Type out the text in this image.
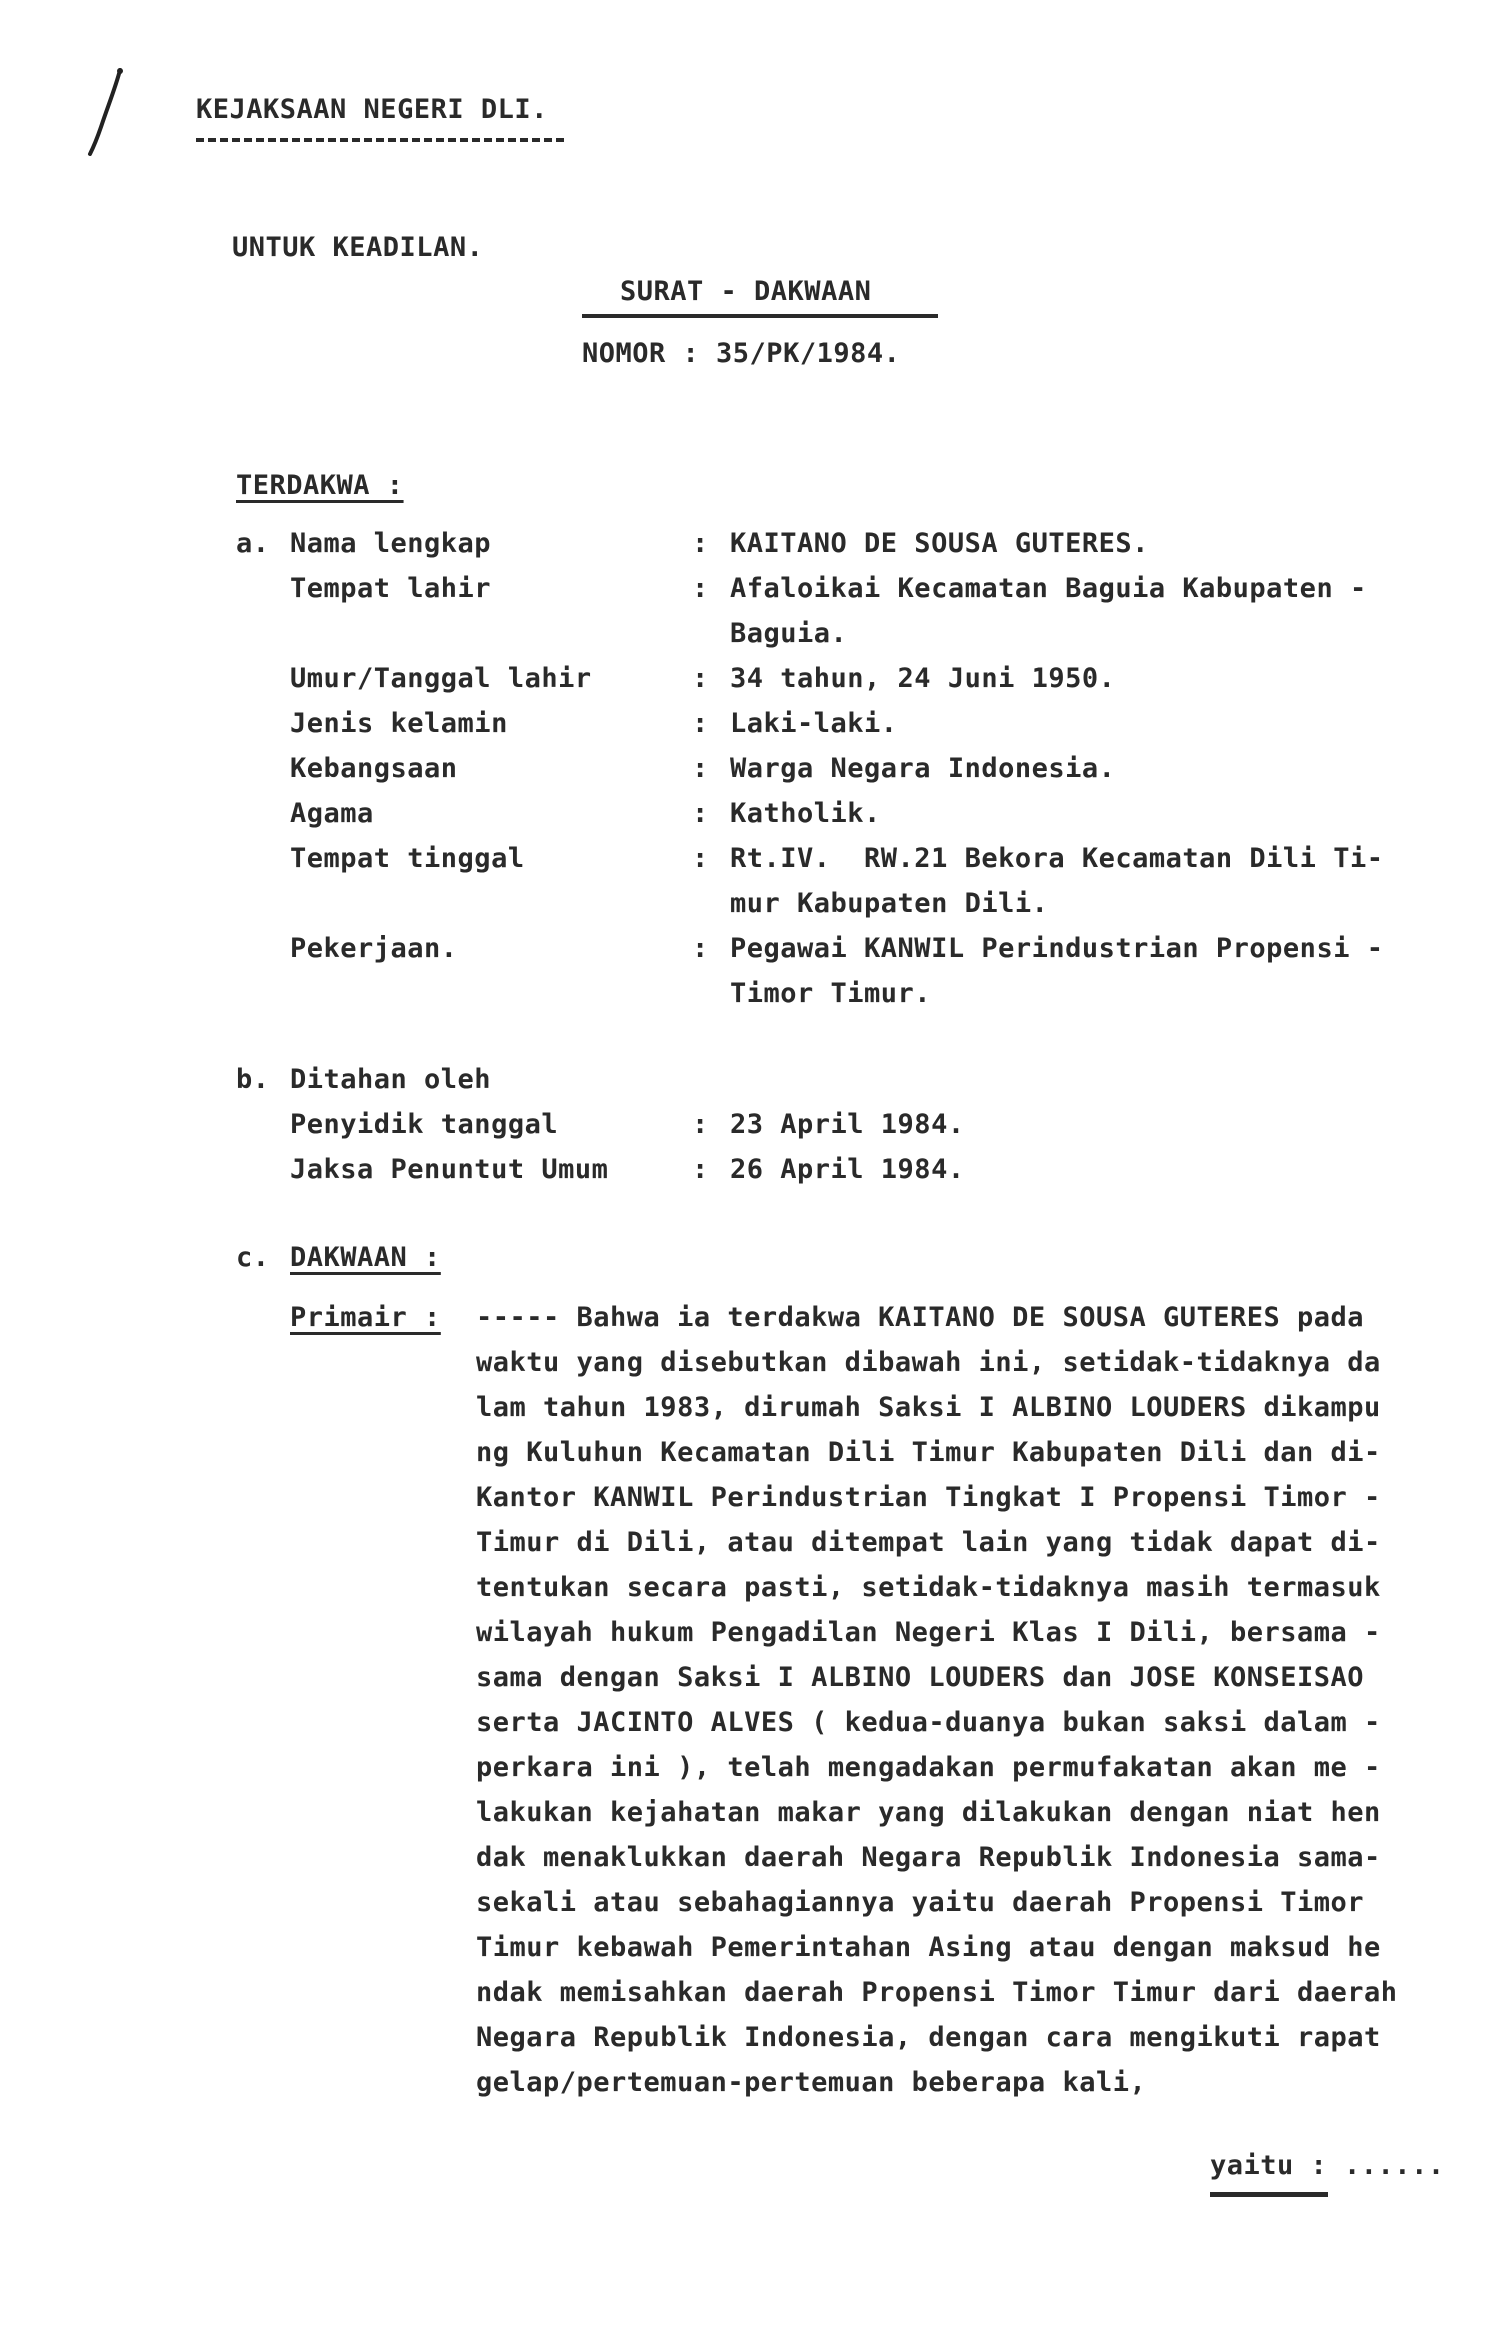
KEJAKSAAN NEGERI DLI.
UNTUK KEADILAN.
SURAT - DAKWAAN
NOMOR : 35/PK/1984.
TERDAKWA :
a. Nama lengkap	: KAITANO DE SOUSA GUTERES.
Tempat lahir	: Afaloikai Kecamatan Baguia Kabupaten -
Baguia.
Umur/Tanggal lahir	: 34 tahun, 24 Juni 1950.
Jenis kelamin	: Laki-laki.
Kebangsaan	: Warga Negara Indonesia.
Agama	: Katholik.
Tempat tinggal	: Rt.IV.  RW.21 Bekora Kecamatan Dili Ti-
mur Kabupaten Dili.
Pekerjaan.	: Pegawai KANWIL Perindustrian Propensi -
Timor Timur.
b. Ditahan oleh
Penyidik tanggal	: 23 April 1984.
Jaksa Penuntut Umum	: 26 April 1984.
c. DAKWAAN :
Primair : ----- Bahwa ia terdakwa KAITANO DE SOUSA GUTERES pada
waktu yang disebutkan dibawah ini, setidak-tidaknya da
lam tahun 1983, dirumah Saksi I ALBINO LOUDERS dikampu
ng Kuluhun Kecamatan Dili Timur Kabupaten Dili dan di-
Kantor KANWIL Perindustrian Tingkat I Propensi Timor -
Timur di Dili, atau ditempat lain yang tidak dapat di-
tentukan secara pasti, setidak-tidaknya masih termasuk
wilayah hukum Pengadilan Negeri Klas I Dili, bersama -
sama dengan Saksi I ALBINO LOUDERS dan JOSE KONSEISAO
serta JACINTO ALVES ( kedua-duanya bukan saksi dalam -
perkara ini ), telah mengadakan permufakatan akan me -
lakukan kejahatan makar yang dilakukan dengan niat hen
dak menaklukkan daerah Negara Republik Indonesia sama-
sekali atau sebahagiannya yaitu daerah Propensi Timor
Timur kebawah Pemerintahan Asing atau dengan maksud he
ndak memisahkan daerah Propensi Timor Timur dari daerah
Negara Republik Indonesia, dengan cara mengikuti rapat
gelap/pertemuan-pertemuan beberapa kali,
yaitu : ......
